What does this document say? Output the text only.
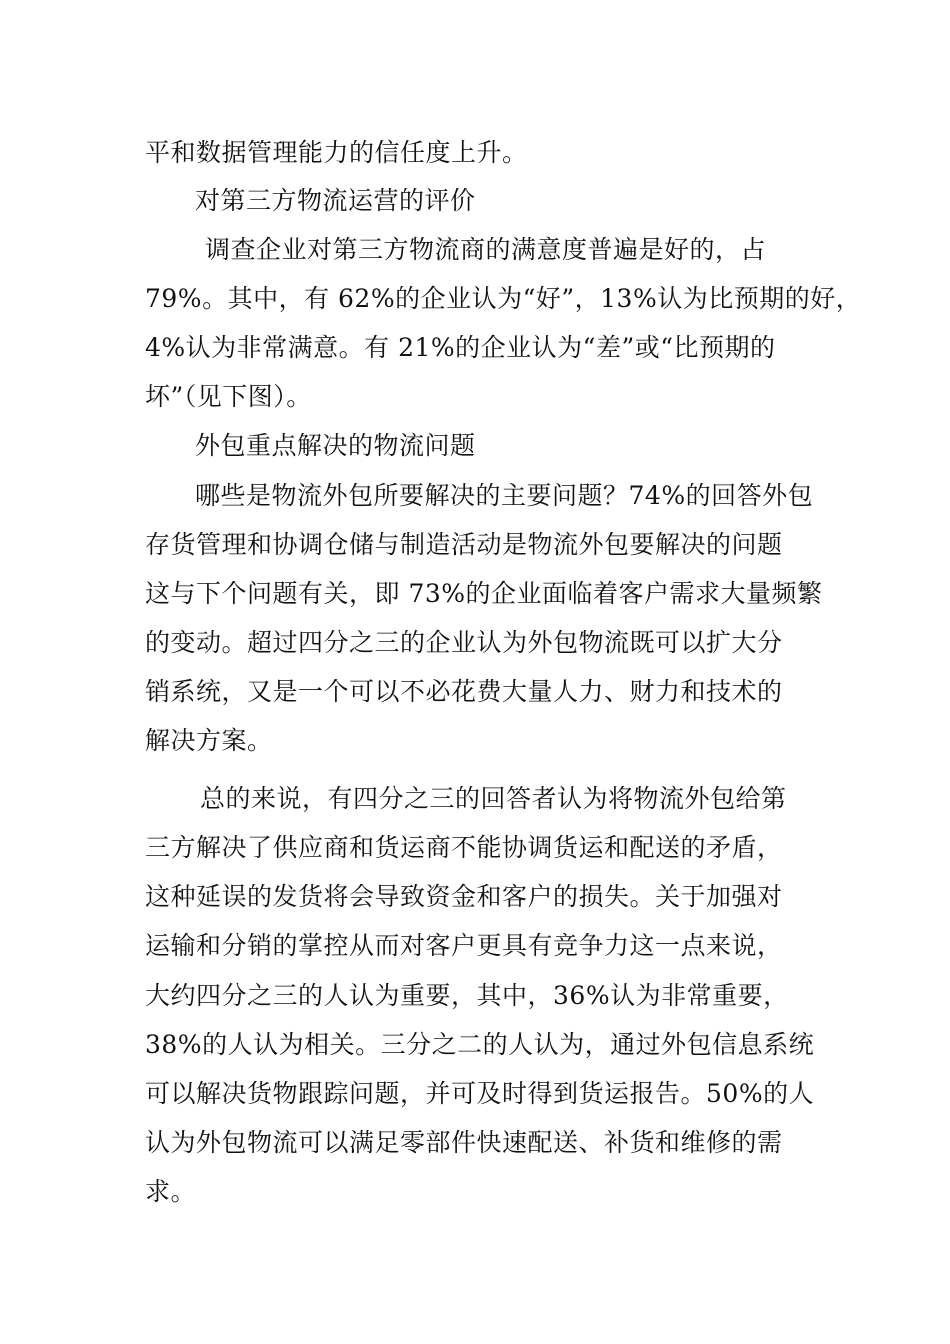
平和数据管理能力的信任度上升。
对第三方物流运营的评价
调查企业对第三方物流商的满意度普遍是好的，占
79%。其中，有 62%的企业认为“好”，13%认为比预期的好，
4%认为非常满意。有 21%的企业认为“差”或“比预期的
坏”（见下图）。
外包重点解决的物流问题
哪些是物流外包所要解决的主要问题？74%的回答外包
存货管理和协调仓储与制造活动是物流外包要解决的问题
这与下个问题有关，即 73%的企业面临着客户需求大量频繁
的变动。超过四分之三的企业认为外包物流既可以扩大分
销系统，又是一个可以不必花费大量人力、财力和技术的
解决方案。
总的来说，有四分之三的回答者认为将物流外包给第
三方解决了供应商和货运商不能协调货运和配送的矛盾，
这种延误的发货将会导致资金和客户的损失。关于加强对
运输和分销的掌控从而对客户更具有竞争力这一点来说，
大约四分之三的人认为重要，其中，36%认为非常重要，
38%的人认为相关。三分之二的人认为，通过外包信息系统
可以解决货物跟踪问题，并可及时得到货运报告。50%的人
认为外包物流可以满足零部件快速配送、补货和维修的需
求。
